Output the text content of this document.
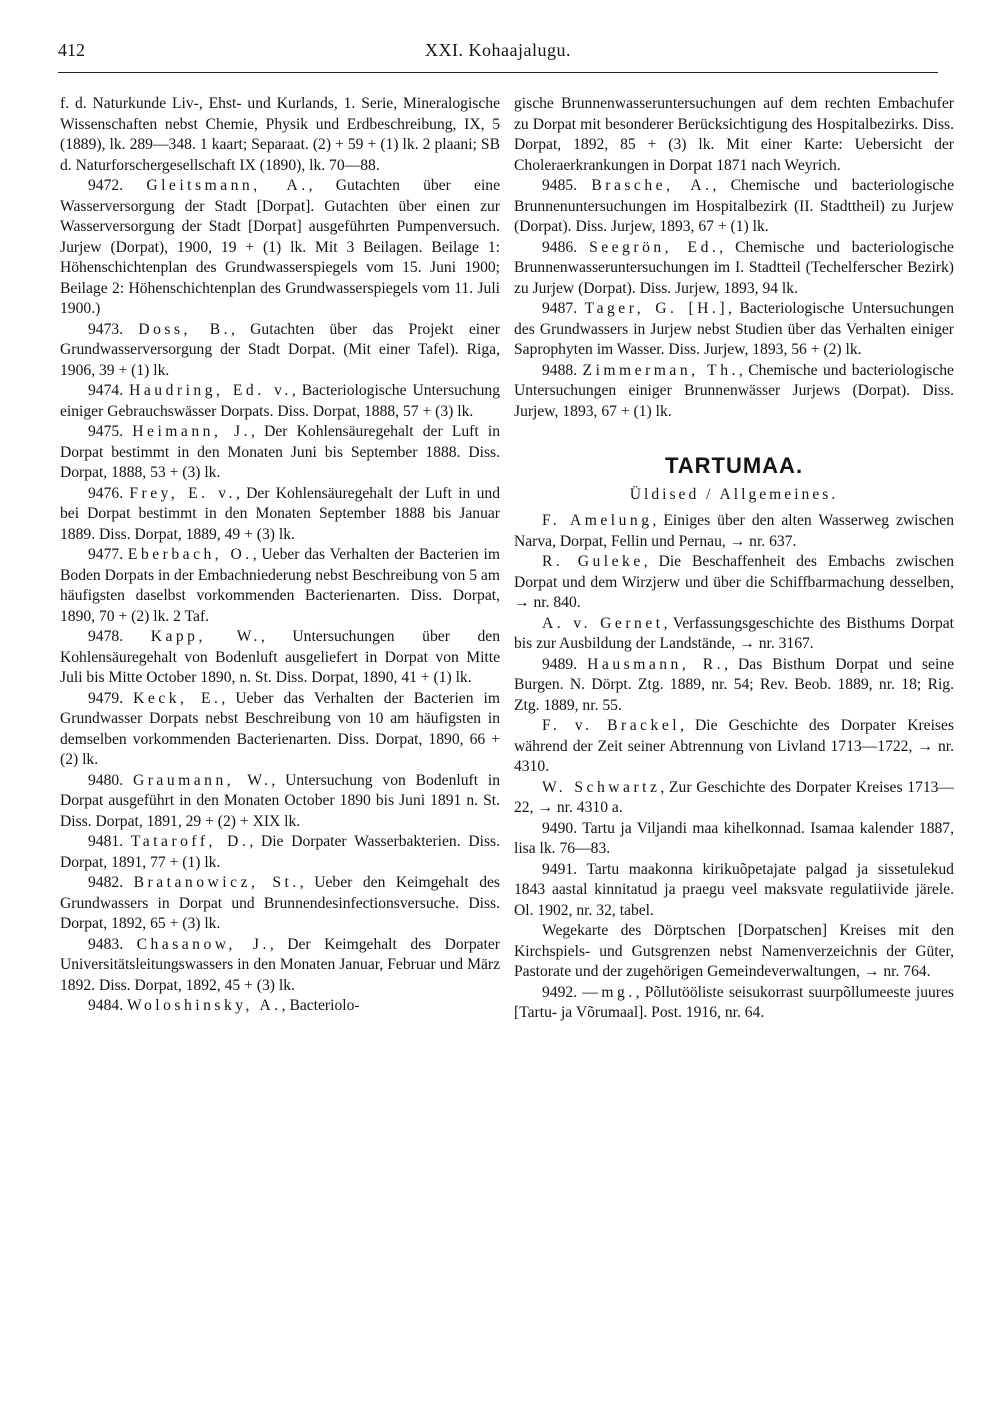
412	XXI. Kohaajalugu.

f. d. Naturkunde Liv-, Ehst- und Kurlands, 1. Serie, Mineralogische Wissenschaften nebst Chemie, Physik und Erdbeschreibung, IX, 5 (1889), lk. 289—348. 1 kaart; Separaat. (2) + 59 + (1) lk. 2 plaani; SB d. Naturforschergesellschaft IX (1890), lk. 70—88.

9472. Gleitsmann, A., Gutachten über eine Wasserversorgung der Stadt [Dorpat]. Gutachten über einen zur Wasserversorgung der Stadt [Dorpat] ausgeführten Pumpenversuch. Jurjew (Dorpat), 1900, 19 + (1) lk. Mit 3 Beilagen. Beilage 1: Höhenschichtenplan des Grundwasserspiegels vom 15. Juni 1900; Beilage 2: Höhenschichtenplan des Grundwasserspiegels vom 11. Juli 1900.)

9473. Doss, B., Gutachten über das Projekt einer Grundwasserversorgung der Stadt Dorpat. (Mit einer Tafel). Riga, 1906, 39 + (1) lk.

9474. Haudring, Ed. v., Bacteriologische Untersuchung einiger Gebrauchswässer Dorpats. Diss. Dorpat, 1888, 57 + (3) lk.

9475. Heimann, J., Der Kohlensäuregehalt der Luft in Dorpat bestimmt in den Monaten Juni bis September 1888. Diss. Dorpat, 1888, 53 + (3) lk.

9476. Frey, E. v., Der Kohlensäuregehalt der Luft in und bei Dorpat bestimmt in den Monaten September 1888 bis Januar 1889. Diss. Dorpat, 1889, 49 + (3) lk.

9477. Eberbach, O., Ueber das Verhalten der Bacterien im Boden Dorpats in der Embachniederung nebst Beschreibung von 5 am häufigsten daselbst vorkommenden Bacterienarten. Diss. Dorpat, 1890, 70 + (2) lk. 2 Taf.

9478. Kapp, W., Untersuchungen über den Kohlensäuregehalt von Bodenluft ausgeliefert in Dorpat von Mitte Juli bis Mitte October 1890, n. St. Diss. Dorpat, 1890, 41 + (1) lk.

9479. Keck, E., Ueber das Verhalten der Bacterien im Grundwasser Dorpats nebst Beschreibung von 10 am häufigsten in demselben vorkommenden Bacterienarten. Diss. Dorpat, 1890, 66 + (2) lk.

9480. Graumann, W., Untersuchung von Bodenluft in Dorpat ausgeführt in den Monaten October 1890 bis Juni 1891 n. St. Diss. Dorpat, 1891, 29 + (2) + XIX lk.

9481. Tataroff, D., Die Dorpater Wasserbakterien. Diss. Dorpat, 1891, 77 + (1) lk.

9482. Bratanowicz, St., Ueber den Keimgehalt des Grundwassers in Dorpat und Brunnendesinfectionsversuche. Diss. Dorpat, 1892, 65 + (3) lk.

9483. Chasanow, J., Der Keimgehalt des Dorpater Universitätsleitungswassers in den Monaten Januar, Februar und März 1892. Diss. Dorpat, 1892, 45 + (3) lk.

9484. Woloshinsky, A., Bacteriolo-

gische Brunnenwasseruntersuchungen auf dem rechten Embachufer zu Dorpat mit besonderer Berücksichtigung des Hospitalbezirks. Diss. Dorpat, 1892, 85 + (3) lk. Mit einer Karte: Uebersicht der Choleraerkrankungen in Dorpat 1871 nach Weyrich.

9485. Brasche, A., Chemische und bacteriologische Brunnenuntersuchungen im Hospitalbezirk (II. Stadttheil) zu Jurjew (Dorpat). Diss. Jurjew, 1893, 67 + (1) lk.

9486. Seegrön, Ed., Chemische und bacteriologische Brunnenwasseruntersuchungen im I. Stadtteil (Techelferscher Bezirk) zu Jurjew (Dorpat). Diss. Jurjew, 1893, 94 lk.

9487. Tager, G. [H.], Bacteriologische Untersuchungen des Grundwassers in Jurjew nebst Studien über das Verhalten einiger Saprophyten im Wasser. Diss. Jurjew, 1893, 56 + (2) lk.

9488. Zimmerman, Th., Chemische und bacteriologische Untersuchungen einiger Brunnenwässer Jurjews (Dorpat). Diss. Jurjew, 1893, 67 + (1) lk.

TARTUMAA.
Üldised / Allgemeines.

F. Amelung, Einiges über den alten Wasserweg zwischen Narva, Dorpat, Fellin und Pernau, → nr. 637.

R. Guleke, Die Beschaffenheit des Embachs zwischen Dorpat und dem Wirzjerw und über die Schiffbarmachung desselben, → nr. 840.

A. v. Gernet, Verfassungsgeschichte des Bisthums Dorpat bis zur Ausbildung der Landstände, → nr. 3167.

9489. Hausmann, R., Das Bisthum Dorpat und seine Burgen. N. Dörpt. Ztg. 1889, nr. 54; Rev. Beob. 1889, nr. 18; Rig. Ztg. 1889, nr. 55.

F. v. Brackel, Die Geschichte des Dorpater Kreises während der Zeit seiner Abtrennung von Livland 1713—1722, → nr. 4310.

W. Schwartz, Zur Geschichte des Dorpater Kreises 1713—22, → nr. 4310 a.

9490. Tartu ja Viljandi maa kihelkonnad. Isamaa kalender 1887, lisa lk. 76—83.

9491. Tartu maakonna kirikuõpetajate palgad ja sissetulekud 1843 aastal kinnitatud ja praegu veel maksvate regulatiivide järele. Ol. 1902, nr. 32, tabel.

Wegekarte des Dörptschen [Dorpatschen] Kreises mit den Kirchspiels- und Gutsgrenzen nebst Namenverzeichnis der Güter, Pastorate und der zugehörigen Gemeindeverwaltungen, → nr. 764.

9492. —mg., Põllutööliste seisukorrast suurpõllumeeste juures [Tartu- ja Võrumaal]. Post. 1916, nr. 64.
